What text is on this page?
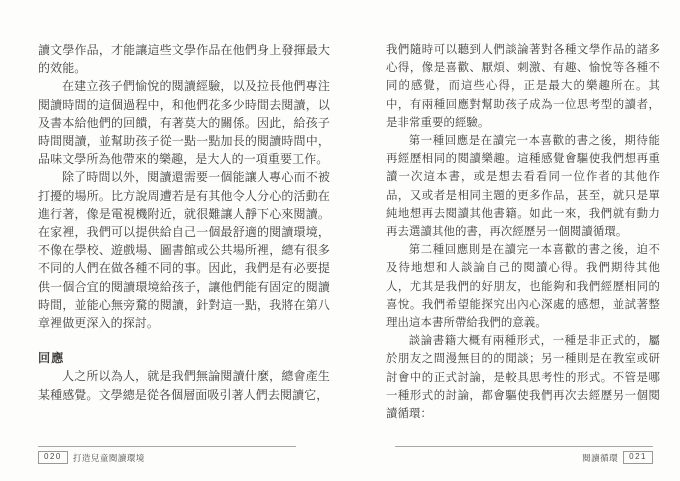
讀文學作品，才能讓這些文學作品在他們身上發揮最大的效能。

在建立孩子們愉悅的閱讀經驗，以及拉長他們專注閱讀時間的這個過程中，和他們花多少時間去閱讀，以及書本給他們的回饋，有著莫大的關係。因此，給孩子時間閱讀，並幫助孩子從一點一點加長的閱讀時間中，品味文學所為他帶來的樂趣，是大人的一項重要工作。

除了時間以外，閱讀還需要一個能讓人專心而不被打擾的場所。比方說周遭若是有其他令人分心的活動在進行著，像是電視機附近，就很難讓人靜下心來閱讀。在家裡，我們可以提供給自己一個最舒適的閱讀環境，不像在學校、遊戲場、圖書館或公共場所裡，總有很多不同的人們在做各種不同的事。因此，我們是有必要提供一個合宜的閱讀環境給孩子，讓他們能有固定的閱讀時間，並能心無旁騖的閱讀，針對這一點，我將在第八章裡做更深入的探討。

回應

人之所以為人，就是我們無論閱讀什麼，總會產生某種感覺。文學總是從各個層面吸引著人們去閱讀它，

我們隨時可以聽到人們談論著對各種文學作品的諸多心得，像是喜歡、厭煩、刺激、有趣、愉悅等各種不同的感覺，而這些心得，正是最大的樂趣所在。其中，有兩種回應對幫助孩子成為一位思考型的讀者，是非常重要的經驗。

第一種回應是在讀完一本喜歡的書之後，期待能再經歷相同的閱讀樂趣。這種感覺會驅使我們想再重讀一次這本書，或是想去看看同一位作者的其他作品，又或者是相同主題的更多作品，甚至，就只是單純地想再去閱讀其他書籍。如此一來，我們就有動力再去選讀其他的書，再次經歷另一個閱讀循環。

第二種回應則是在讀完一本喜歡的書之後，迫不及待地想和人談論自己的閱讀心得。我們期待其他人，尤其是我們的好朋友，也能夠和我們經歷相同的喜悅。我們希望能探究出內心深處的感想，並試著整理出這本書所帶給我們的意義。

談論書籍大概有兩種形式，一種是非正式的，屬於朋友之間漫無目的的閒談；另一種則是在教室或研討會中的正式討論，是較具思考性的形式。不管是哪一種形式的討論，都會驅使我們再次去經歷另一個閱讀循環：

020	打造兒童閱讀環境	閱讀循環	021
